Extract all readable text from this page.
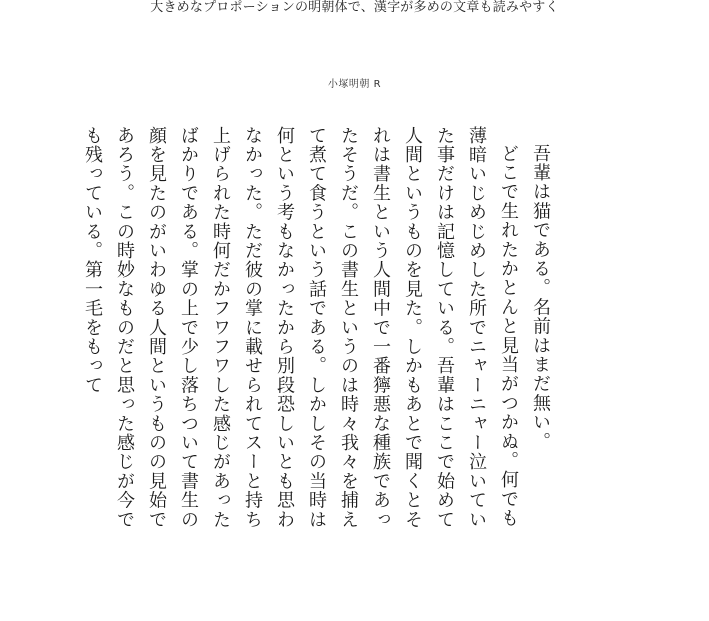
大きめなプロポーションの明朝体で、漢字が多めの文章も読みやすく
小塚明朝 R

吾輩は猫である。名前はまだ無い。

どこで生れたかとんと見当がつかぬ。何でも薄暗いじめじめした所でニャーニャー泣いていた事だけは記憶している。吾輩はここで始めて人間というものを見た。しかもあとで聞くとそれは書生という人間中で一番獰悪な種族であったそうだ。この書生というのは時々我々を捕えて煮て食うという話である。しかしその当時は何という考もなかったから別段恐しいとも思わなかった。ただ彼の掌に載せられてスーと持ち上げられた時何だかフワフワした感じがあったばかりである。掌の上で少し落ちついて書生の顔を見たのがいわゆる人間というものの見始であろう。この時妙なものだと思った感じが今でも残っている。第一毛をもって
